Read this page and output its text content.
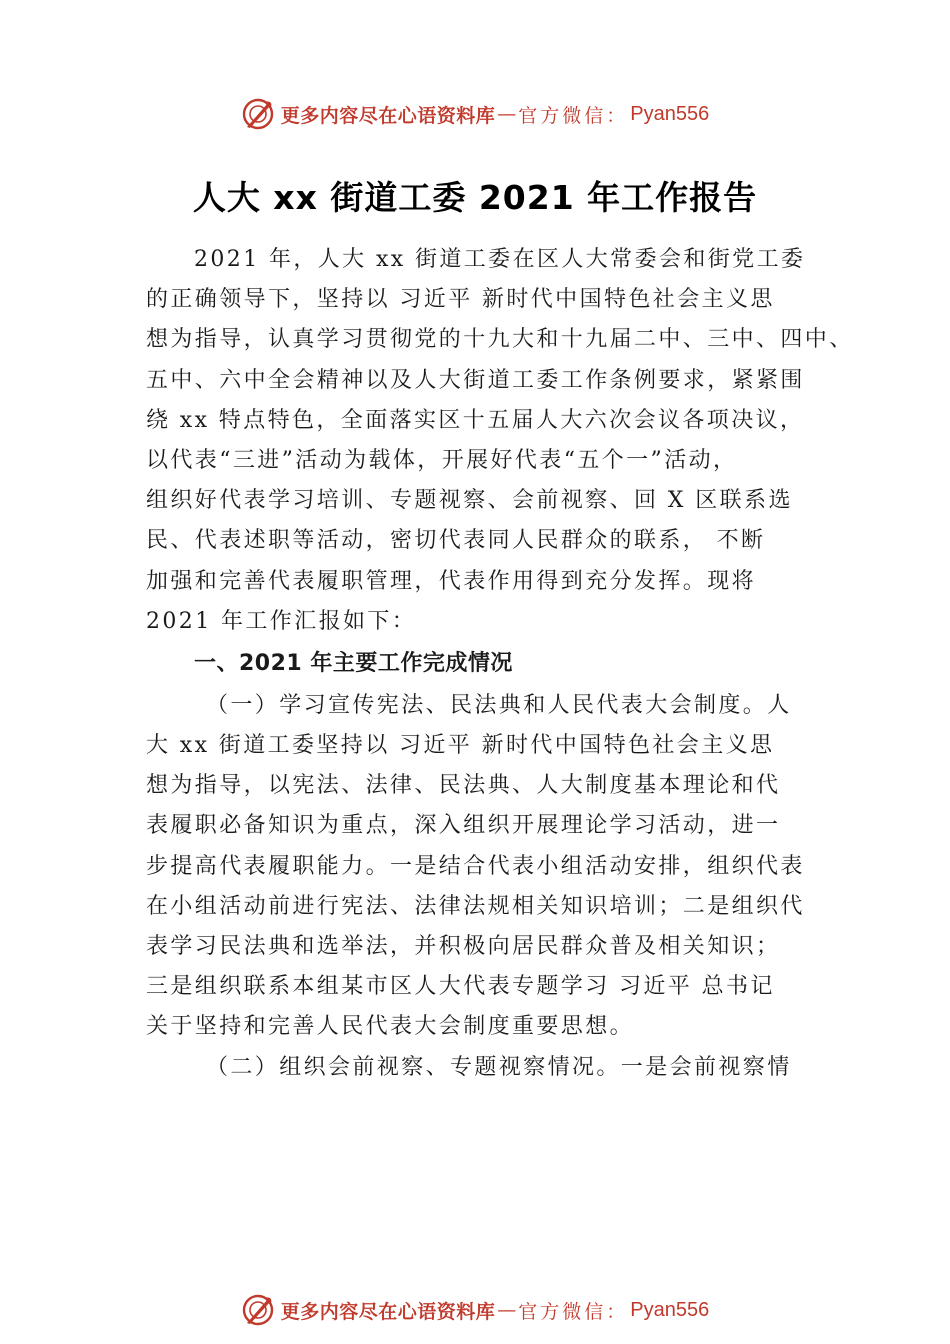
更多内容尽在心语资料库 — 官方微信： Pyan556
人大 xx 街道工委 2021 年工作报告
2021 年，人大 xx 街道工委在区人大常委会和街党工委
的正确领导下，坚持以 习近平 新时代中国特色社会主义思
想为指导，认真学习贯彻党的十九大和十九届二中、三中、四中、
五中、六中全会精神以及人大街道工委工作条例要求，紧紧围
绕 xx 特点特色，全面落实区十五届人大六次会议各项决议，
以代表“三进”活动为载体，开展好代表“五个一”活动，
组织好代表学习培训、专题视察、会前视察、回 X 区联系选
民、代表述职等活动，密切代表同人民群众的联系， 不断
加强和完善代表履职管理，代表作用得到充分发挥。现将
2021 年工作汇报如下：
一、2021 年主要工作完成情况
（一）学习宣传宪法、民法典和人民代表大会制度。人
大 xx 街道工委坚持以 习近平 新时代中国特色社会主义思
想为指导，以宪法、法律、民法典、人大制度基本理论和代
表履职必备知识为重点，深入组织开展理论学习活动，进一
步提高代表履职能力。一是结合代表小组活动安排，组织代表
在小组活动前进行宪法、法律法规相关知识培训；二是组织代
表学习民法典和选举法，并积极向居民群众普及相关知识；
三是组织联系本组某市区人大代表专题学习 习近平 总书记
关于坚持和完善人民代表大会制度重要思想。
（二）组织会前视察、专题视察情况。一是会前视察情
更多内容尽在心语资料库 — 官方微信： Pyan556
